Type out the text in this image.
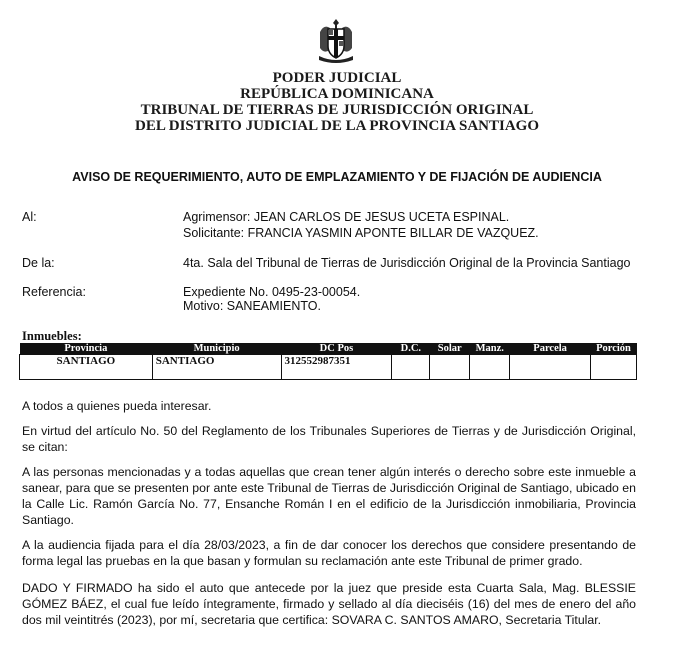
PODER JUDICIAL
REPÚBLICA DOMINICANA
TRIBUNAL DE TIERRAS DE JURISDICCIÓN ORIGINAL
DEL DISTRITO JUDICIAL DE LA PROVINCIA SANTIAGO
AVISO DE REQUERIMIENTO, AUTO DE EMPLAZAMIENTO Y DE FIJACIÓN DE AUDIENCIA
Al:	Agrimensor: JEAN CARLOS DE JESUS UCETA ESPINAL.
Solicitante: FRANCIA YASMIN APONTE BILLAR DE VAZQUEZ.
De la:	4ta. Sala del Tribunal de Tierras de Jurisdicción Original de la Provincia Santiago
Referencia:	Expediente No. 0495-23-00054.
Motivo: SANEAMIENTO.
Inmuebles:
Provincia	Municipio	DC Pos	D.C.	Solar	Manz.	Parcela	Porción
SANTIAGO	SANTIAGO	312552987351					
A todos a quienes pueda interesar.
En virtud del artículo No. 50 del Reglamento de los Tribunales Superiores de Tierras y de Jurisdicción Original, se citan:
A las personas mencionadas y a todas aquellas que crean tener algún interés o derecho sobre este inmueble a sanear, para que se presenten por ante este Tribunal de Tierras de Jurisdicción Original de Santiago, ubicado en la Calle Lic. Ramón García No. 77, Ensanche Román I en el edificio de la Jurisdicción inmobiliaria, Provincia Santiago.
A la audiencia fijada para el día 28/03/2023, a fin de dar conocer los derechos que considere presentando de forma legal las pruebas en la que basan y formulan su reclamación ante este Tribunal de primer grado.
DADO Y FIRMADO ha sido el auto que antecede por la juez que preside esta Cuarta Sala, Mag. BLESSIE GÓMEZ BÁEZ, el cual fue leído íntegramente, firmado y sellado al día dieciséis (16) del mes de enero del año dos mil veintitrés (2023), por mí, secretaria que certifica: SOVARA C. SANTOS AMARO, Secretaria Titular.
